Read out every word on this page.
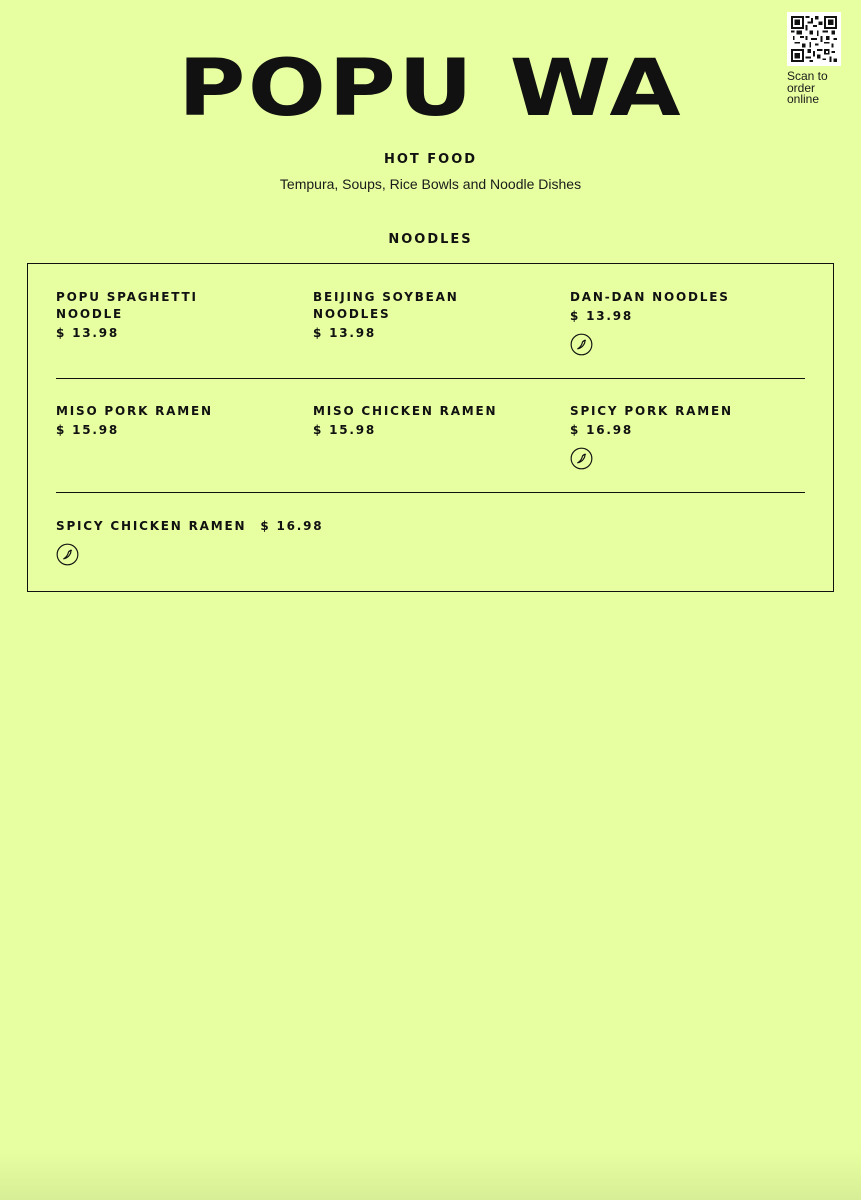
POPU WA	Scan to order online
HOT FOOD
Tempura, Soups, Rice Bowls and Noodle Dishes
NOODLES
POPU SPAGHETTI NOODLE
$ 13.98
BEIJING SOYBEAN NOODLES
$ 13.98
DAN-DAN NOODLES
$ 13.98
MISO PORK RAMEN
$ 15.98
MISO CHICKEN RAMEN
$ 15.98
SPICY PORK RAMEN
$ 16.98
SPICY CHICKEN RAMEN $ 16.98
